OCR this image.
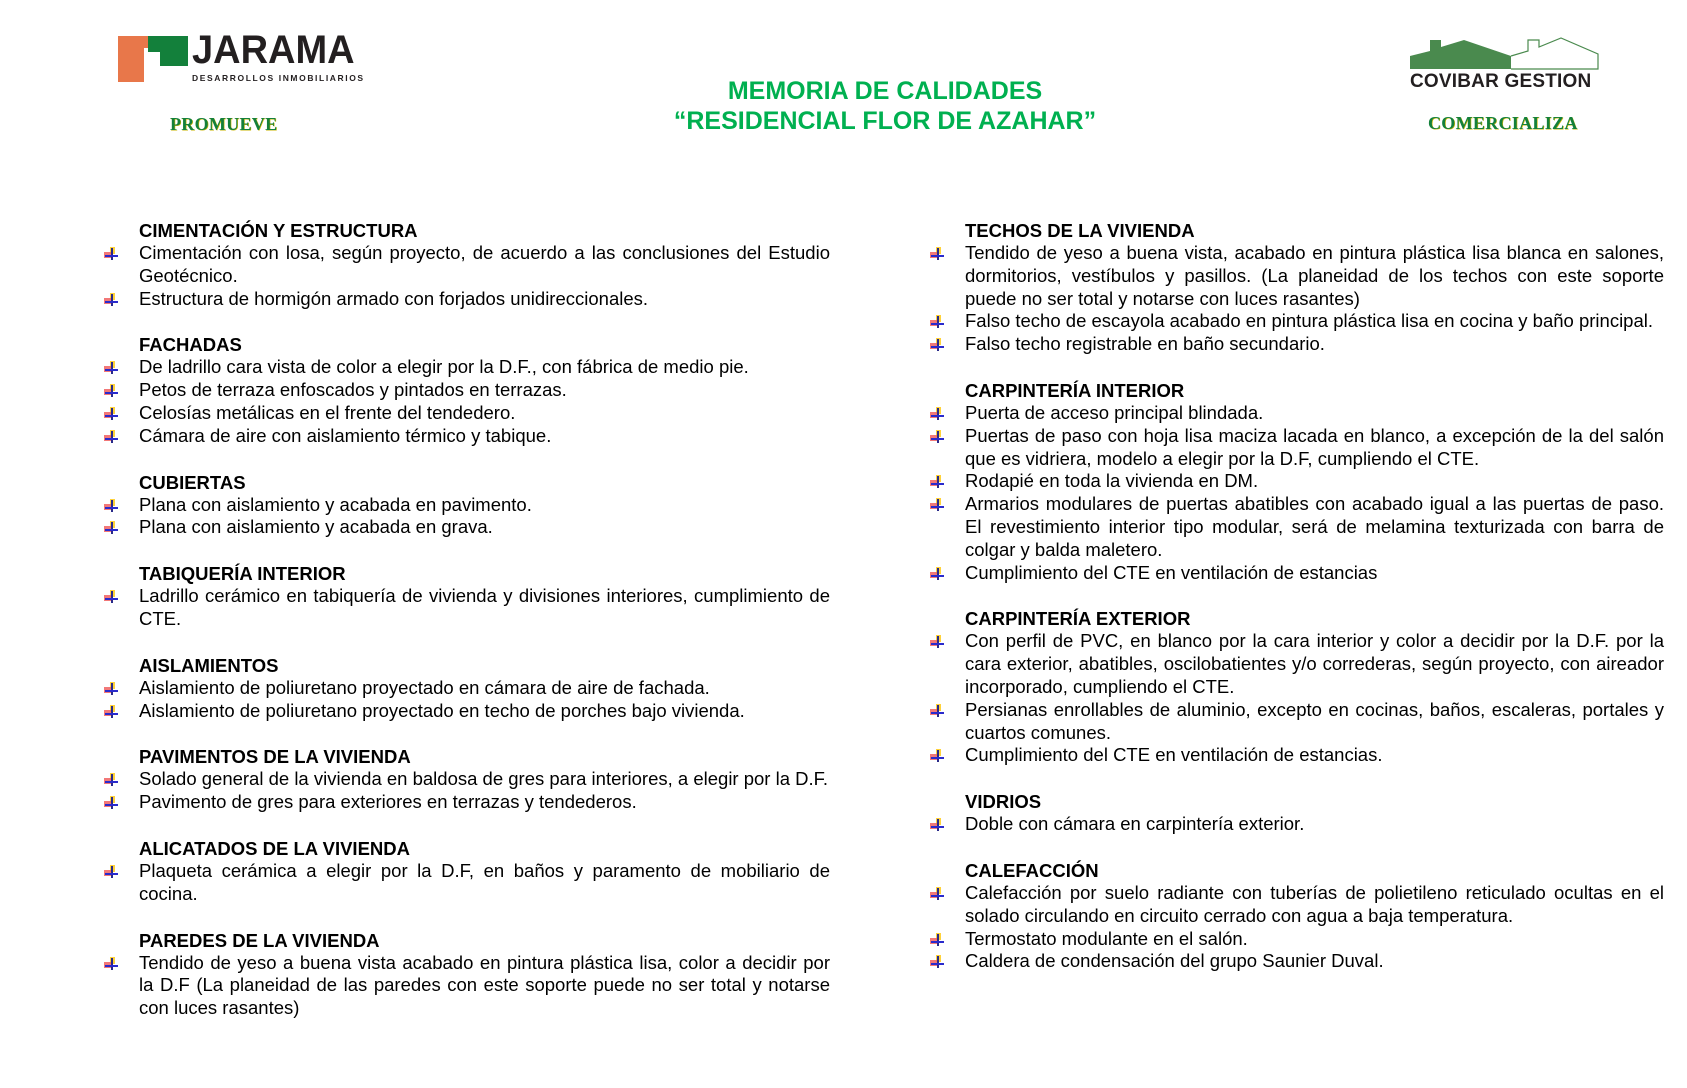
JARAMA
DESARROLLOS INMOBILIARIOS
PROMUEVE
MEMORIA DE CALIDADES
“RESIDENCIAL FLOR DE AZAHAR”
COVIBAR GESTION
COMERCIALIZA
CIMENTACIÓN Y ESTRUCTURA
Cimentación con losa, según proyecto, de acuerdo a las conclusiones del Estudio Geotécnico.
Estructura de hormigón armado con forjados unidireccionales.
FACHADAS
De ladrillo cara vista de color a elegir por la D.F., con fábrica de medio pie.
Petos de terraza enfoscados y pintados en terrazas.
Celosías metálicas en el frente del tendedero.
Cámara de aire con aislamiento térmico y tabique.
CUBIERTAS
Plana con aislamiento y acabada en pavimento.
Plana con aislamiento y acabada en grava.
TABIQUERÍA INTERIOR
Ladrillo cerámico en tabiquería de vivienda y divisiones interiores, cumplimiento de CTE.
AISLAMIENTOS
Aislamiento de poliuretano proyectado en cámara de aire de fachada.
Aislamiento de poliuretano proyectado en techo de porches bajo vivienda.
PAVIMENTOS DE LA VIVIENDA
Solado general de la vivienda en baldosa de gres para interiores, a elegir por la D.F.
Pavimento de gres para exteriores en terrazas y tendederos.
ALICATADOS DE LA VIVIENDA
Plaqueta cerámica a elegir por la D.F, en baños y paramento de mobiliario de cocina.
PAREDES DE LA VIVIENDA
Tendido de yeso a buena vista acabado en pintura plástica lisa, color a decidir por la D.F (La planeidad de las paredes con este soporte puede no ser total y notarse con luces rasantes)
TECHOS DE LA VIVIENDA
Tendido de yeso a buena vista, acabado en pintura plástica lisa blanca en salones, dormitorios, vestíbulos y pasillos. (La planeidad de los techos con este soporte puede no ser total y notarse con luces rasantes)
Falso techo de escayola acabado en pintura plástica lisa en cocina y baño principal.
Falso techo registrable en baño secundario.
CARPINTERÍA INTERIOR
Puerta de acceso principal blindada.
Puertas de paso con hoja lisa maciza lacada en blanco, a excepción de la del salón que es vidriera, modelo a elegir por la D.F, cumpliendo el CTE.
Rodapié en toda la vivienda en DM.
Armarios modulares de puertas abatibles con acabado igual a las puertas de paso. El revestimiento interior tipo modular, será de melamina texturizada con barra de colgar y balda maletero.
Cumplimiento del CTE en ventilación de estancias
CARPINTERÍA EXTERIOR
Con perfil de PVC, en blanco por la cara interior y color a decidir por la D.F. por la cara exterior, abatibles, oscilobatientes y/o correderas, según proyecto, con aireador incorporado, cumpliendo el CTE.
Persianas enrollables de aluminio, excepto en cocinas, baños, escaleras, portales y cuartos comunes.
Cumplimiento del CTE en ventilación de estancias.
VIDRIOS
Doble con cámara en carpintería exterior.
CALEFACCIÓN
Calefacción por suelo radiante con tuberías de polietileno reticulado ocultas en el solado circulando en circuito cerrado con agua a baja temperatura.
Termostato modulante en el salón.
Caldera de condensación del grupo Saunier Duval.
